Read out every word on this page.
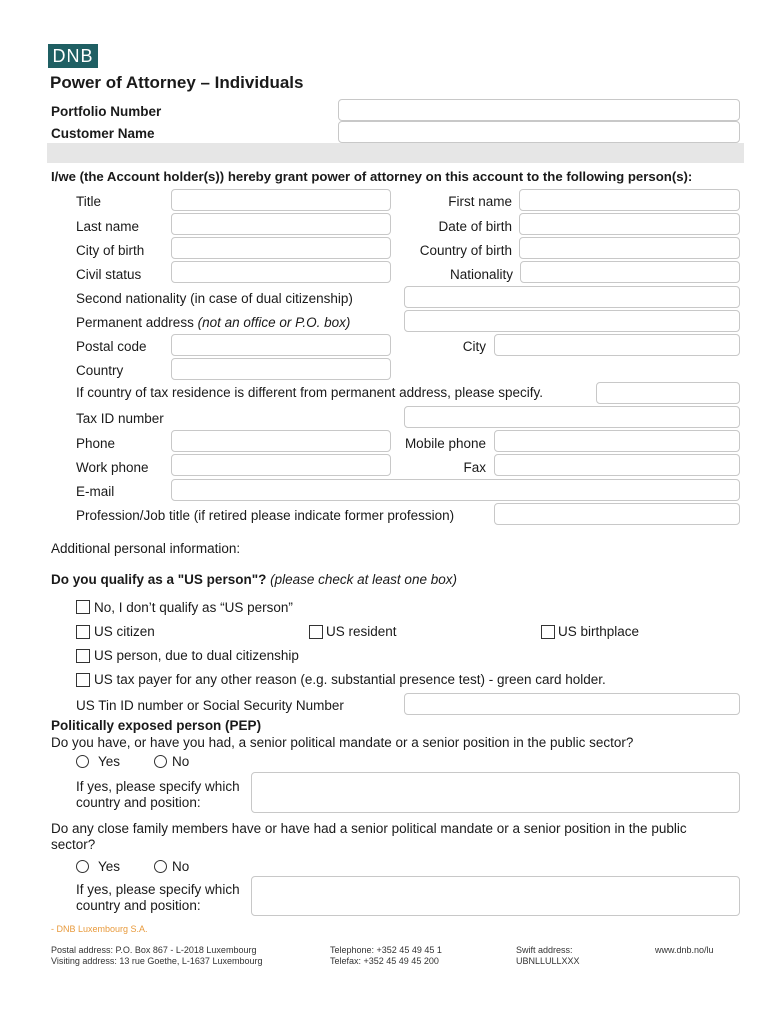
DNB
Power of Attorney – Individuals
Portfolio Number
Customer Name
I/we (the Account holder(s)) hereby grant power of attorney on this account to the following person(s):
Title	First name
Last name	Date of birth
City of birth	Country of birth
Civil status	Nationality
Second nationality (in case of dual citizenship)
Permanent address (not an office or P.O. box)
Postal code	City
Country
If country of tax residence is different from permanent address, please specify.
Tax ID number
Phone	Mobile phone
Work phone	Fax
E-mail
Profession/Job title (if retired please indicate former profession)
Additional personal information:
Do you qualify as a "US person"? (please check at least one box)
No, I don’t qualify as “US person”
US citizen	US resident	US birthplace
US person, due to dual citizenship
US tax payer for any other reason (e.g. substantial presence test) - green card holder.
US Tin ID number or Social Security Number
Politically exposed person (PEP)
Do you have, or have you had, a senior political mandate or a senior position in the public sector?
Yes	No
If yes, please specify which
country and position:
Do any close family members have or have had a senior political mandate or a senior position in the public
sector?
Yes	No
If yes, please specify which
country and position:
- DNB Luxembourg S.A.
Postal address: P.O. Box 867 - L-2018 Luxembourg
Visiting address: 13 rue Goethe, L-1637 Luxembourg
Telephone: +352 45 49 45 1
Telefax: +352 45 49 45 200
Swift address:
UBNLLULLXXX
www.dnb.no/lu
